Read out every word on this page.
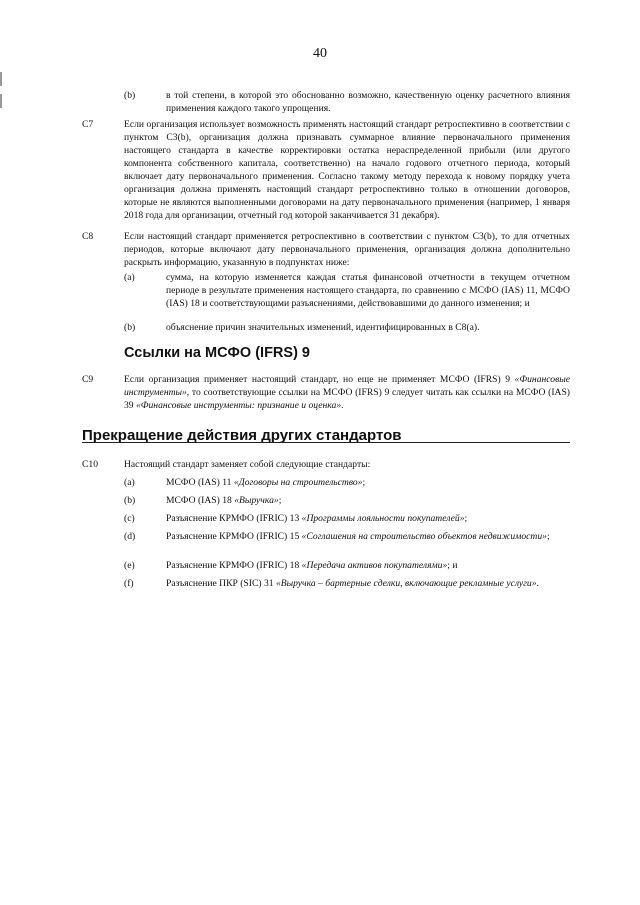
40
(b)	в той степени, в которой это обоснованно возможно, качественную оценку расчетного влияния применения каждого такого упрощения.
C7	Если организация использует возможность применять настоящий стандарт ретроспективно в соответствии с пунктом C3(b), организация должна признавать суммарное влияние первоначального применения настоящего стандарта в качестве корректировки остатка нераспределенной прибыли (или другого компонента собственного капитала, соответственно) на начало годового отчетного периода, который включает дату первоначального применения. Согласно такому методу перехода к новому порядку учета организация должна применять настоящий стандарт ретроспективно только в отношении договоров, которые не являются выполненными договорами на дату первоначального применения (например, 1 января 2018 года для организации, отчетный год которой заканчивается 31 декабря).
C8	Если настоящий стандарт применяется ретроспективно в соответствии с пунктом C3(b), то для отчетных периодов, которые включают дату первоначального применения, организация должна дополнительно раскрыть информацию, указанную в подпунктах ниже:
(a)	сумма, на которую изменяется каждая статья финансовой отчетности в текущем отчетном периоде в результате применения настоящего стандарта, по сравнению с МСФО (IAS) 11, МСФО (IAS) 18 и соответствующими разъяснениями, действовавшими до данного изменения; и
(b)	объяснение причин значительных изменений, идентифицированных в C8(a).
Ссылки на МСФО (IFRS) 9
C9	Если организация применяет настоящий стандарт, но еще не применяет МСФО (IFRS) 9 «Финансовые инструменты», то соответствующие ссылки на МСФО (IFRS) 9 следует читать как ссылки на МСФО (IAS) 39 «Финансовые инструменты: признание и оценка».
Прекращение действия других стандартов
C10	Настоящий стандарт заменяет собой следующие стандарты:
(a)	МСФО (IAS) 11 «Договоры на строительство»;
(b)	МСФО (IAS) 18 «Выручка»;
(c)	Разъяснение КРМФО (IFRIC) 13 «Программы лояльности покупателей»;
(d)	Разъяснение КРМФО (IFRIC) 15 «Соглашения на строительство объектов недвижимости»;
(e)	Разъяснение КРМФО (IFRIC) 18 «Передача активов покупателями»; и
(f)	Разъяснение ПКР (SIC) 31 «Выручка – бартерные сделки, включающие рекламные услуги».
